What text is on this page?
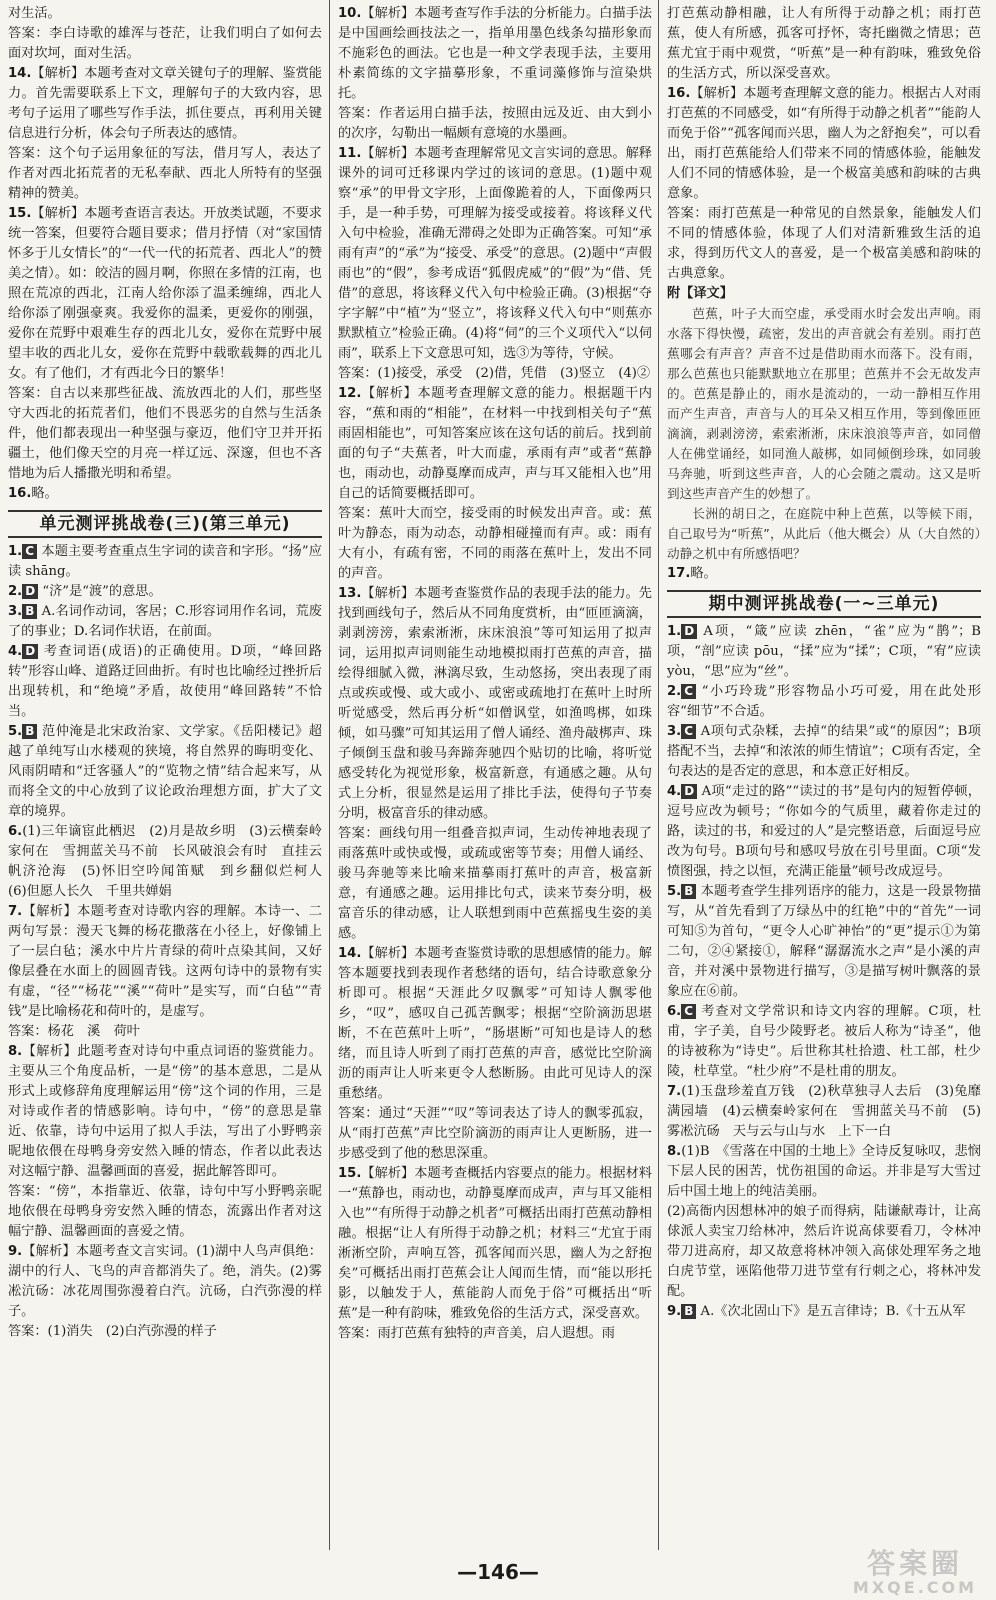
对生活。

答案：李白诗歌的雄浑与苍茫，让我们明白了如何去面对坎坷，面对生活。

14.【解析】本题考查对文章关键句子的理解、鉴赏能力。首先需要联系上下文，理解句子的大致内容，思考句子运用了哪些写作手法，抓住要点，再利用关键信息进行分析，体会句子所表达的感情。

答案：这个句子运用象征的写法，借月写人，表达了作者对西北拓荒者的无私奉献、西北人所特有的坚强精神的赞美。

15.【解析】本题考查语言表达。开放类试题，不要求统一答案，但要符合题目要求；借月抒情（对“家国情怀多于儿女情长”的“一代一代的拓荒者、西北人”的赞美之情）。如：皎洁的圆月啊，你照在多情的江南，也照在荒凉的西北，江南人给你添了温柔缠绵，西北人给你添了刚强豪爽。我爱你的温柔，更爱你的刚强，爱你在荒野中艰难生存的西北儿女，爱你在荒野中展望丰收的西北儿女，爱你在荒野中载歌载舞的西北儿女。有了他们，才有西北今日的繁华！

答案：自古以来那些征战、流放西北的人们，那些坚守大西北的拓荒者们，他们不畏恶劣的自然与生活条件，他们都表现出一种坚强与豪迈，他们守卫并开拓疆土，他们像天空的月亮一样辽远、深邃，但也不吝惜地为后人播撒光明和希望。

16.略。

单元测评挑战卷(三)(第三单元)

1. C 本题主要考查重点生字词的读音和字形。“扬”应读 shāng。

2. D “济”是“渡”的意思。

3. B A.名词作动词，客居；C.形容词用作名词，荒废了的事业；D.名词作状语，在前面。

4. D 考查词语(成语)的正确使用。D项，“峰回路转”形容山峰、道路迂回曲折。有时也比喻经过挫折后出现转机，和“绝境”矛盾，故使用“峰回路转”不恰当。

5. B 范仲淹是北宋政治家、文学家。《岳阳楼记》超越了单纯写山水楼观的狭境，将自然界的晦明变化、风雨阴晴和“迁客骚人”的“览物之情”结合起来写，从而将全文的中心放到了议论政治理想方面，扩大了文章的境界。

6.(1)三年谪宦此栖迟　(2)月是故乡明　(3)云横秦岭家何在　雪拥蓝关马不前　长风破浪会有时　直挂云帆济沧海　(5)怀旧空吟闻笛赋　到乡翻似烂柯人　(6)但愿人长久　千里共婵娟

7.【解析】本题考查对诗歌内容的理解。本诗一、二两句写景：漫天飞舞的杨花撒落在小径上，好像铺上了一层白毡；溪水中片片青绿的荷叶点染其间，又好像层叠在水面上的圆圆青钱。这两句诗中的景物有实有虚，“径”“杨花”“溪”“荷叶”是实写，而“白毡”“青钱”是比喻杨花和荷叶的，是虚写。

答案：杨花　溪　荷叶

8.【解析】此题考查对诗句中重点词语的鉴赏能力。主要从三个角度品析，一是“傍”的基本意思，二是从形式上或修辞角度理解运用“傍”这个词的作用，三是对诗或作者的情感影响。诗句中，“傍”的意思是靠近、依靠，诗句中运用了拟人手法，写出了小野鸭亲昵地依偎在母鸭身旁安然入睡的情态，作者以此表达对这幅宁静、温馨画面的喜爱，据此解答即可。

答案：“傍”，本指靠近、依靠，诗句中写小野鸭亲昵地依偎在母鸭身旁安然入睡的情态，流露出作者对这幅宁静、温馨画面的喜爱之情。

9.【解析】本题考查文言实词。(1)湖中人鸟声俱绝：湖中的行人、飞鸟的声音都消失了。绝，消失。(2)雾凇沆砀：冰花周围弥漫着白汽。沆砀，白汽弥漫的样子。

答案：(1)消失　(2)白汽弥漫的样子

10.【解析】本题考查写作手法的分析能力。白描手法是中国画绘画技法之一，指单用墨色线条勾描形象而不施彩色的画法。它也是一种文学表现手法，主要用朴素简练的文字描摹形象，不重词藻修饰与渲染烘托。

答案：作者运用白描手法，按照由远及近、由大到小的次序，勾勒出一幅颇有意境的水墨画。

11.【解析】本题考查理解常见文言实词的意思。解释课外的词可迁移课内学过的该词的意思。(1)题中观察“承”的甲骨文字形，上面像跪着的人，下面像两只手，是一种手势，可理解为接受或接着。将该释义代入句中检验，准确无滞碍之处即为正确答案。可知“承雨有声”的“承”为“接受、承受”的意思。(2)题中“声假雨也”的“假”，参考成语“狐假虎威”的“假”为“借、凭借”的意思，将该释义代入句中检验正确。(3)根据“夺字字解”中“植”为“竖立”，将该释义代入句中“则蕉亦默默植立”检验正确。(4)将“伺”的三个义项代入“以伺雨”，联系上下文意思可知，选③为等待，守候。

答案：(1)接受，承受　(2)借，凭借　(3)竖立　(4)②

12.【解析】本题考查理解文意的能力。根据题干内容，“蕉和雨的“相能”，在材料一中找到相关句子“蕉雨固相能也”，可知答案应该在这句话的前后。找到前面的句子“夫蕉者，叶大而虚，承雨有声”或者“蕉静也，雨动也，动静戛摩而成声，声与耳又能相入也”用自己的话简要概括即可。

答案：蕉叶大而空，接受雨的时候发出声音。或：蕉叶为静态，雨为动态，动静相碰撞而有声。或：雨有大有小，有疏有密，不同的雨落在蕉叶上，发出不同的声音。

13.【解析】本题考查鉴赏作品的表现手法的能力。先找到画线句子，然后从不同角度赏析，由“匝匝滴滴，剥剥滂滂，索索淅淅，床床浪浪”等可知运用了拟声词，运用拟声词则能生动地模拟雨打芭蕉的声音，描绘得细腻入微，淋漓尽致，生动悠扬，突出表现了雨点或疾或慢、或大或小、或密或疏地打在蕉叶上时所听觉感受，然后再分析“如僧讽堂，如渔鸣梆，如珠倾，如马骤”可知其运用了僧人诵经、渔舟敲梆声、珠子倾倒玉盘和骏马奔蹄奔驰四个贴切的比喻，将听觉感受转化为视觉形象，极富新意，有通感之趣。从句式上分析，很显然是运用了排比手法，使得句子节奏分明，极富音乐的律动感。

答案：画线句用一组叠音拟声词，生动传神地表现了雨落蕉叶或快或慢，或疏或密等节奏；用僧人诵经、骏马奔驰等来比喻来描摹雨打蕉叶的声音，极富新意，有通感之趣。运用排比句式，读来节奏分明，极富音乐的律动感，让人联想到雨中芭蕉摇曳生姿的美感。

14.【解析】本题考查鉴赏诗歌的思想感情的能力。解答本题要找到表现作者愁绪的语句，结合诗歌意象分析即可。根据“天涯此夕叹飘零”可知诗人飘零他乡，“叹”，感叹自己孤苦飘零；根据“空阶滴沥思堪断，不在芭蕉叶上听”，“肠堪断”可知也是诗人的愁绪，而且诗人听到了雨打芭蕉的声音，感觉比空阶滴沥的雨声让人听来更令人愁断肠。由此可见诗人的深重愁绪。

答案：通过“天涯”“叹”等词表达了诗人的飘零孤寂，从“雨打芭蕉”声比空阶滴沥的雨声让人更断肠，进一步感受到了他的愁思深重。

15.【解析】本题考查概括内容要点的能力。根据材料一“蕉静也，雨动也，动静戛摩而成声，声与耳又能相入也”“有所得于动静之机者”可概括出雨打芭蕉动静相融。根据“让人有所得于动静之机；材料三“尤宜于雨淅淅空阶，声响互答，孤客闻而兴思，幽人为之舒抱矣”可概括出雨打芭蕉会让人闻而生情，而“能以形托影，以触发于人，蕉能韵人而免于俗”可概括出“听蕉”是一种有韵味，雅致免俗的生活方式，深受喜欢。

答案：雨打芭蕉有独特的声音美，启人遐想。雨

打芭蕉动静相融，让人有所得于动静之机；雨打芭蕉，使人有所感，孤客可抒怀，寄托幽微之情思；芭蕉尤宜于雨中观赏，“听蕉”是一种有韵味，雅致免俗的生活方式，所以深受喜欢。

16.【解析】本题考查理解文意的能力。根据古人对雨打芭蕉的不同感受，如“有所得于动静之机者”“能韵人而免于俗”“孤客闻而兴思，幽人为之舒抱矣”，可以看出，雨打芭蕉能给人们带来不同的情感体验，能触发人们不同的情感体验，是一个极富美感和韵味的古典意象。

答案：雨打芭蕉是一种常见的自然景象，能触发人们不同的情感体验，体现了人们对清新雅致生活的追求，得到历代文人的喜爱，是一个极富美感和韵味的古典意象。

附【译文】

芭蕉，叶子大而空虚，承受雨水时会发出声响。雨水落下得快慢，疏密，发出的声音就会有差别。雨打芭蕉哪会有声音？声音不过是借助雨水而落下。没有雨，那么芭蕉也只能默默地立在那里；芭蕉并不会无故发声的。芭蕉是静止的，雨水是流动的，一动一静相互作用而产生声音，声音与人的耳朵又相互作用，等到像匝匝滴滴，剥剥滂滂，索索淅淅，床床浪浪等声音，如同僧人在佛堂诵经，如同渔人敲梆，如同倾倒珍珠，如同骏马奔驰，听到这些声音，人的心会随之震动。这又是听到这些声音产生的妙想了。

长洲的胡日之，在庭院中种上芭蕉，以等候下雨，自己取号为“听蕉”，从此后（他大概会）从（大自然的）动静之机中有所感悟吧？

17.略。

期中测评挑战卷(一~三单元)

1. D A项，“箴”应读 zhēn，“雀”应为“鹊”；B项，“剖”应读 pōu，“揉”应为“揉”；C项，“宥”应读 yòu，“思”应为“丝”。

2. C “小巧玲珑”形容物品小巧可爱，用在此处形容“细节”不合适。

3. C A项句式杂糅，去掉“的结果”或“的原因”；B项搭配不当，去掉“和浓浓的师生情谊”；C项有否定，全句表达的是否定的意思，和本意正好相反。

4. D A项“走过的路”“读过的书”是句内的短暂停顿，逗号应改为顿号；“你如今的气质里，藏着你走过的路，读过的书，和爱过的人”是完整语意，后面逗号应改为句号。B项句号和感叹号放在引号里面。C项“发愤图强，持之以恒，充满正能量”顿号改成逗号。

5. B 本题考查学生排列语序的能力，这是一段景物描写，从“首先看到了万绿丛中的红艳”中的“首先”一词可知⑤为首句，“更令人心旷神怡”的“更”提示①为第二句，②④紧接①，解释“潺潺流水之声”是小溪的声音，并对溪中景物进行描写，③是描写树叶飘落的景象应在⑥前。

6. C 考查对文学常识和诗文内容的理解。C项，杜甫，字子美，自号少陵野老。被后人称为“诗圣”，他的诗被称为“诗史”。后世称其杜拾遗、杜工部，杜少陵，杜草堂。“杜少府”不是杜甫的朋友。

7.(1)玉盘珍羞直万钱　(2)秋草独寻人去后　(3)兔靡满园墙　(4)云横秦岭家何在　雪拥蓝关马不前　(5)雾凇沆砀　天与云与山与水　上下一白

8.(1)B　《雪落在中国的土地上》全诗反复咏叹，悲悯下层人民的困苦，忧伤祖国的命运。并非是写大雪过后中国土地上的纯洁美丽。

(2)高衙内因想林冲的娘子而得病，陆谦献毒计，让高俅派人卖宝刀给林冲，然后许说高俅要看刀，令林冲带刀进高府，却又故意将林冲领入高俅处理军务之地白虎节堂，诬陷他带刀进节堂有行刺之心，将林冲发配。

9. B A.《次北固山下》是五言律诗；B.《十五从军

—146—	答案圈
MXQE.COM
